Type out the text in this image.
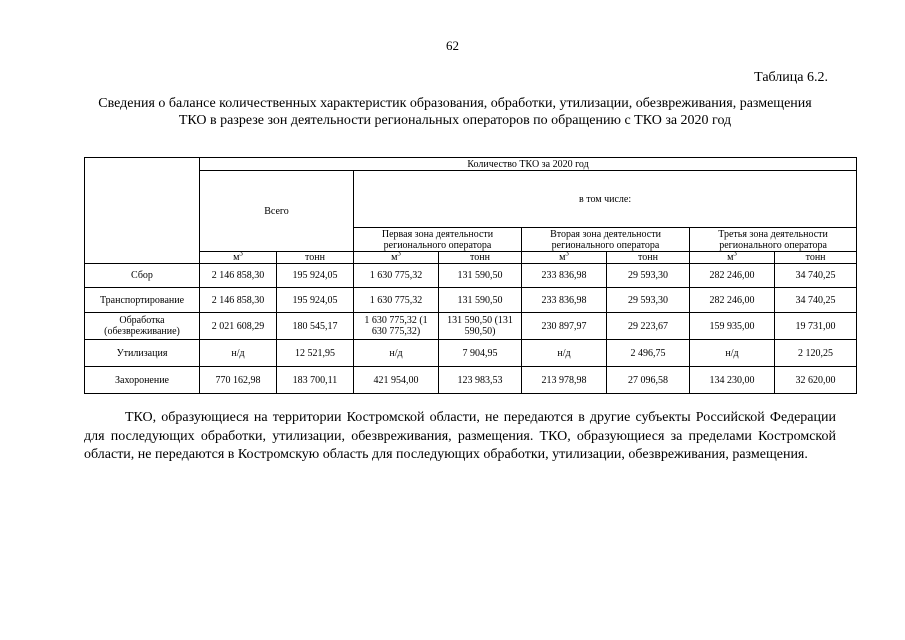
62
Таблица 6.2.
Сведения о балансе количественных характеристик образования, обработки, утилизации, обезвреживания, размещения ТКО в разрезе зон деятельности региональных операторов по обращению с ТКО за 2020 год
	Количество ТКО за 2020 год							
	Всего		в том числе:					
			Первая зона деятельности регионального оператора		Вторая зона деятельности регионального оператора		Третья зона деятельности регионального оператора	
	$м^3$	тонн	$м^3$	тонн	$м^3$	тонн	$м^3$	тонн
Сбор	2 146 858,30	195 924,05	1 630 775,32	131 590,50	233 836,98	29 593,30	282 246,00	34 740,25
Транспортирование	2 146 858,30	195 924,05	1 630 775,32	131 590,50	233 836,98	29 593,30	282 246,00	34 740,25
Обработка (обезвреживание)	2 021 608,29	180 545,17	1 630 775,32 (1 630 775,32)	131 590,50 (131 590,50)	230 897,97	29 223,67	159 935,00	19 731,00
Утилизация	н/д	12 521,95	н/д	7 904,95	н/д	2 496,75	н/д	2 120,25
Захоронение	770 162,98	183 700,11	421 954,00	123 983,53	213 978,98	27 096,58	134 230,00	32 620,00

ТКО, образующиеся на территории Костромской области, не передаются в другие субъекты Российской Федерации для последующих обработки, утилизации, обезвреживания, размещения. ТКО, образующиеся за пределами Костромской области, не передаются в Костромскую область для последующих обработки, утилизации, обезвреживания, размещения.
